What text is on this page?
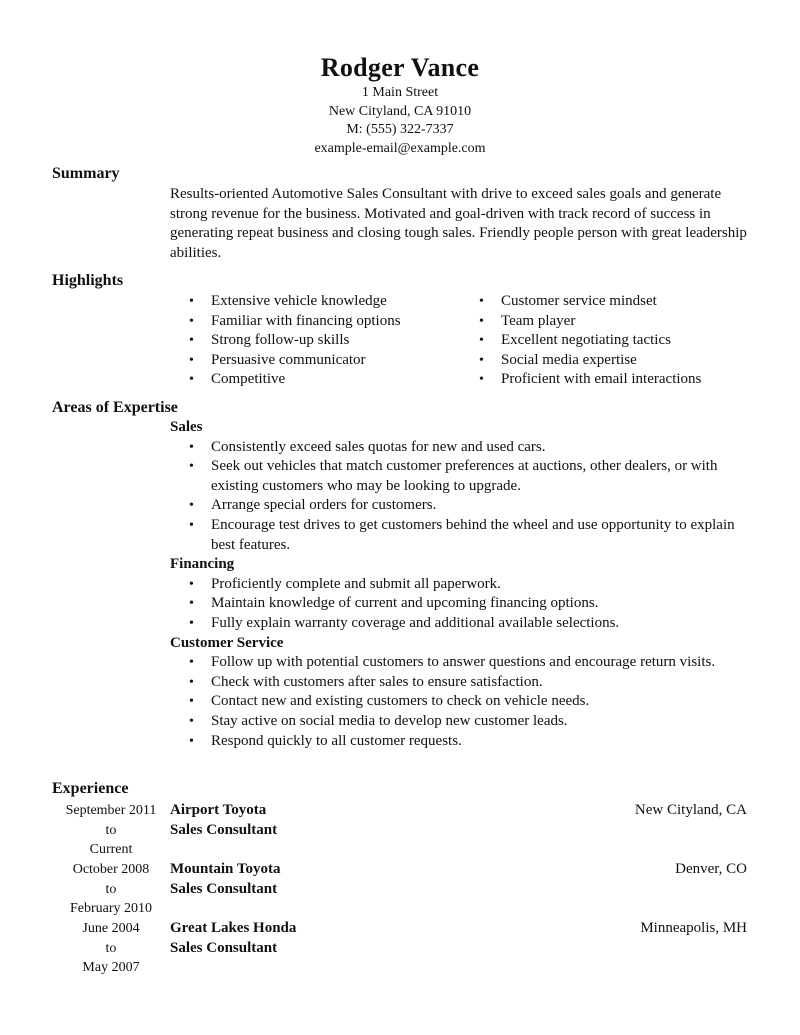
Rodger Vance
1 Main Street
New Cityland, CA 91010
M: (555) 322-7337
example-email@example.com
Summary
Results-oriented Automotive Sales Consultant with drive to exceed sales goals and generate strong revenue for the business. Motivated and goal-driven with track record of success in generating repeat business and closing tough sales. Friendly people person with great leadership abilities.
Highlights
• Extensive vehicle knowledge
• Familiar with financing options
• Strong follow-up skills
• Persuasive communicator
• Competitive
• Customer service mindset
• Team player
• Excellent negotiating tactics
• Social media expertise
• Proficient with email interactions
Areas of Expertise
Sales
• Consistently exceed sales quotas for new and used cars.
• Seek out vehicles that match customer preferences at auctions, other dealers, or with existing customers who may be looking to upgrade.
• Arrange special orders for customers.
• Encourage test drives to get customers behind the wheel and use opportunity to explain best features.
Financing
• Proficiently complete and submit all paperwork.
• Maintain knowledge of current and upcoming financing options.
• Fully explain warranty coverage and additional available selections.
Customer Service
• Follow up with potential customers to answer questions and encourage return visits.
• Check with customers after sales to ensure satisfaction.
• Contact new and existing customers to check on vehicle needs.
• Stay active on social media to develop new customer leads.
• Respond quickly to all customer requests.
Experience
September 2011
to
Current
Airport Toyota
Sales Consultant
New Cityland, CA
October 2008
to
February 2010
Mountain Toyota
Sales Consultant
Denver, CO
June 2004
to
May 2007
Great Lakes Honda
Sales Consultant
Minneapolis, MH
